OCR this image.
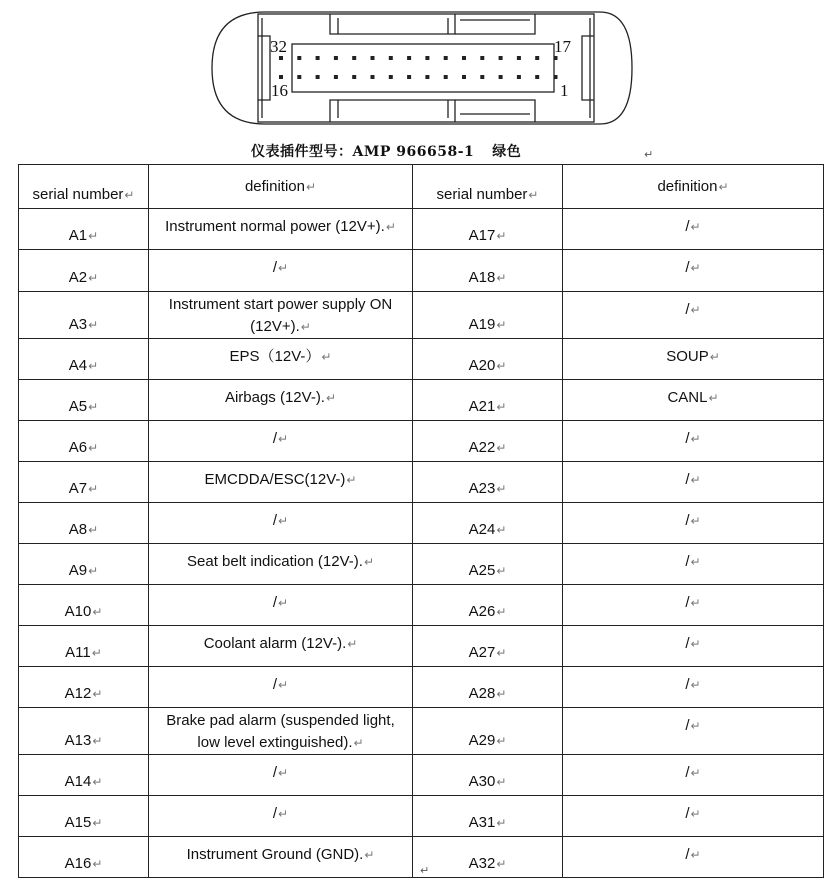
32	17
16	1
仪表插件型号：AMP 966658-1 绿色	↵
serial number↵	definition↵	serial number↵	definition↵
A1↵	Instrument normal power (12V+).↵	A17↵	/↵
A2↵	/↵	A18↵	/↵
A3↵	Instrument start power supply ON (12V+).↵	A19↵	/↵
A4↵	EPS（12V-）↵	A20↵	SOUP↵
A5↵	Airbags (12V-).↵	A21↵	CANL↵
A6↵	/↵	A22↵	/↵
A7↵	EMCDDA/ESC(12V-)↵	A23↵	/↵
A8↵	/↵	A24↵	/↵
A9↵	Seat belt indication (12V-).↵	A25↵	/↵
A10↵	/↵	A26↵	/↵
A11↵	Coolant alarm (12V-).↵	A27↵	/↵
A12↵	/↵	A28↵	/↵
A13↵	Brake pad alarm (suspended light, low level extinguished).↵	A29↵	/↵
A14↵	/↵	A30↵	/↵
A15↵	/↵	A31↵	/↵
A16↵	Instrument Ground (GND).↵	A32↵	/↵
↵
